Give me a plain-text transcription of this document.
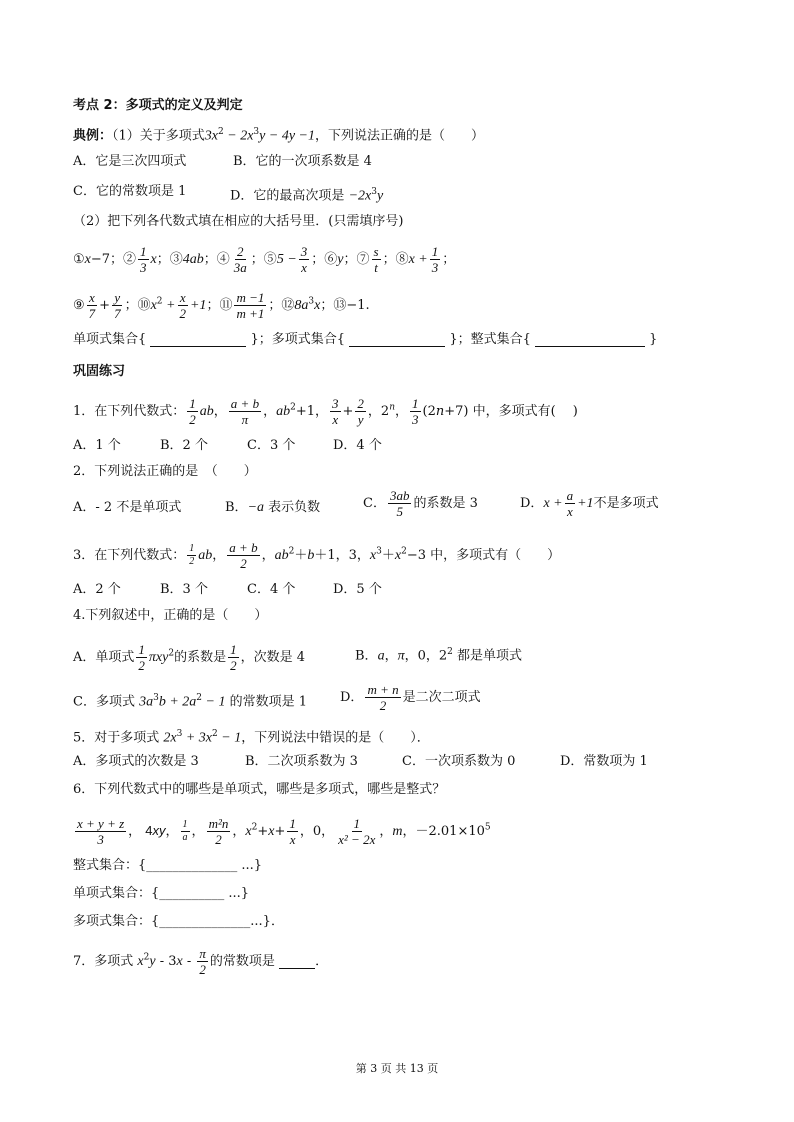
考点 2：多项式的定义及判定
典例：（1）关于多项式$3x^2 - 2x^3y - 4y -1$，下列说法正确的是（　　）
A．它是三次四项式	B．它的一次项系数是 4
C．它的常数项是 1	D．它的最高次项是 $-2x^3y$
（2）把下列各代数式填在相应的大括号里．(只需填序号)
①x−7；② $\frac{1}{3}$ x；③4ab；④ $\frac{2}{3a}$ ；⑤5 − $\frac{3}{x}$ ；⑥y；⑦ $\frac{s}{t}$ ；⑧x + $\frac{1}{3}$ ；
⑨ $\frac{x}{7} + \frac{y}{7}$ ；$⑩x^2 + \frac{x}{2} +1$；⑪ $\frac{m -1}{m +1}$ ；$⑫8a^3x$；⑬−1.
单项式集合{	}；多项式集合{	}；整式集合{	}
巩固练习
1．在下列代数式： $\frac{1}{2}$ ab， $\frac{a + b}{\pi}$ ，$ab^2+1$， $\frac{3}{x} + \frac{2}{y}$ ，2$^n$， $\frac{1}{3} (2n+7)$ 中，多项式有(　 )
A．1 个	B．2 个	C．3 个	D．4 个
2．下列说法正确的是　（　　）
A．- 2 不是单项式	B．−a 表示负数	C． $\frac{3ab}{5}$ 的系数是 3	D．$x + \frac{a}{x} +1$不是多项式
3．在下列代数式： $\frac{1}{2}$ ab， $\frac{a + b}{2}$ ，$ab^2+b+1$，3，$x^3+x^2-3$ 中，多项式有（　　）
A．2 个	B．3 个	C．4 个	D．5 个
4.下列叙述中，正确的是（　　）
A．单项式 $\frac{1}{2} \pi xy^2$的系数是 $\frac{1}{2}$ ，次数是 4	B．a，π，0，$2^2$ 都是单项式
C．多项式 $3a^3b + 2a^2 - 1$ 的常数项是 1	D． $\frac{m + n}{2}$ 是二次二项式
5．对于多项式 $2x^3 + 3x^2 - 1$，下列说法中错误的是（　　）．
A．多项式的次数是 3	B．二次项系数为 3	C．一次项系数为 0	D．常数项为 1
6．下列代数式中的哪些是单项式，哪些是多项式，哪些是整式？
$\frac{x + y + z}{3}$ ， 4xy， $\frac{1}{a}$ ， $\frac{\text{m²n}}{2}$ ，$x^2+x+ \frac{1}{x}$ ，0， $\frac{1}{\text{x² − 2x}}$ ，m，$-2.01\times 10^5$
整式集合：{______________ ...}
单项式集合：{__________ ...}
多项式集合：{______________...}．
7．多项式 $x^2y - 3x - \frac{\pi}{2}$ 的常数项是	．
第 3 页 共 13 页
